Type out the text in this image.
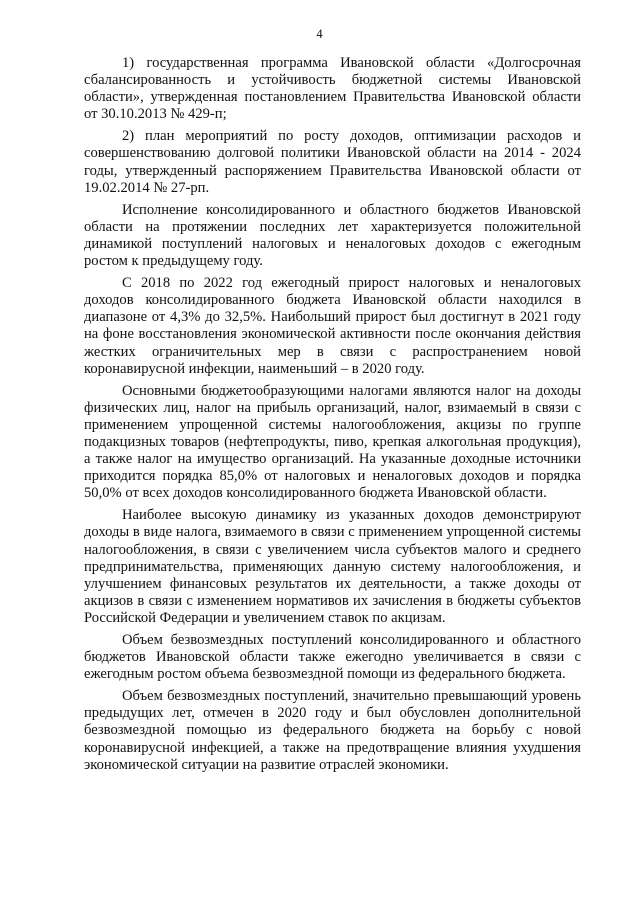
4

1) государственная программа Ивановской области «Долгосрочная сбалансированность и устойчивость бюджетной системы Ивановской области», утвержденная постановлением Правительства Ивановской области от 30.10.2013 № 429-п;

2) план мероприятий по росту доходов, оптимизации расходов и совершенствованию долговой политики Ивановской области на 2014 - 2024 годы, утвержденный распоряжением Правительства Ивановской области от 19.02.2014 № 27-рп.

Исполнение консолидированного и областного бюджетов Ивановской области на протяжении последних лет характеризуется положительной динамикой поступлений налоговых и неналоговых доходов с ежегодным ростом к предыдущему году.

С 2018 по 2022 год ежегодный прирост налоговых и неналоговых доходов консолидированного бюджета Ивановской области находился в диапазоне от 4,3% до 32,5%. Наибольший прирост был достигнут в 2021 году на фоне восстановления экономической активности после окончания действия жестких ограничительных мер в связи с распространением новой коронавирусной инфекции, наименьший – в 2020 году.

Основными бюджетообразующими налогами являются налог на доходы физических лиц, налог на прибыль организаций, налог, взимаемый в связи с применением упрощенной системы налогообложения, акцизы по группе подакцизных товаров (нефтепродукты, пиво, крепкая алкогольная продукция), а также налог на имущество организаций. На указанные доходные источники приходится порядка 85,0% от налоговых и неналоговых доходов и порядка 50,0% от всех доходов консолидированного бюджета Ивановской области.

Наиболее высокую динамику из указанных доходов демонстрируют доходы в виде налога, взимаемого в связи с применением упрощенной системы налогообложения, в связи с увеличением числа субъектов малого и среднего предпринимательства, применяющих данную систему налогообложения, и улучшением финансовых результатов их деятельности, а также доходы от акцизов в связи с изменением нормативов их зачисления в бюджеты субъектов Российской Федерации и увеличением ставок по акцизам.

Объем безвозмездных поступлений консолидированного и областного бюджетов Ивановской области также ежегодно увеличивается в связи с ежегодным ростом объема безвозмездной помощи из федерального бюджета.

Объем безвозмездных поступлений, значительно превышающий уровень предыдущих лет, отмечен в 2020 году и был обусловлен дополнительной безвозмездной помощью из федерального бюджета на борьбу с новой коронавирусной инфекцией, а также на предотвращение влияния ухудшения экономической ситуации на развитие отраслей экономики.
